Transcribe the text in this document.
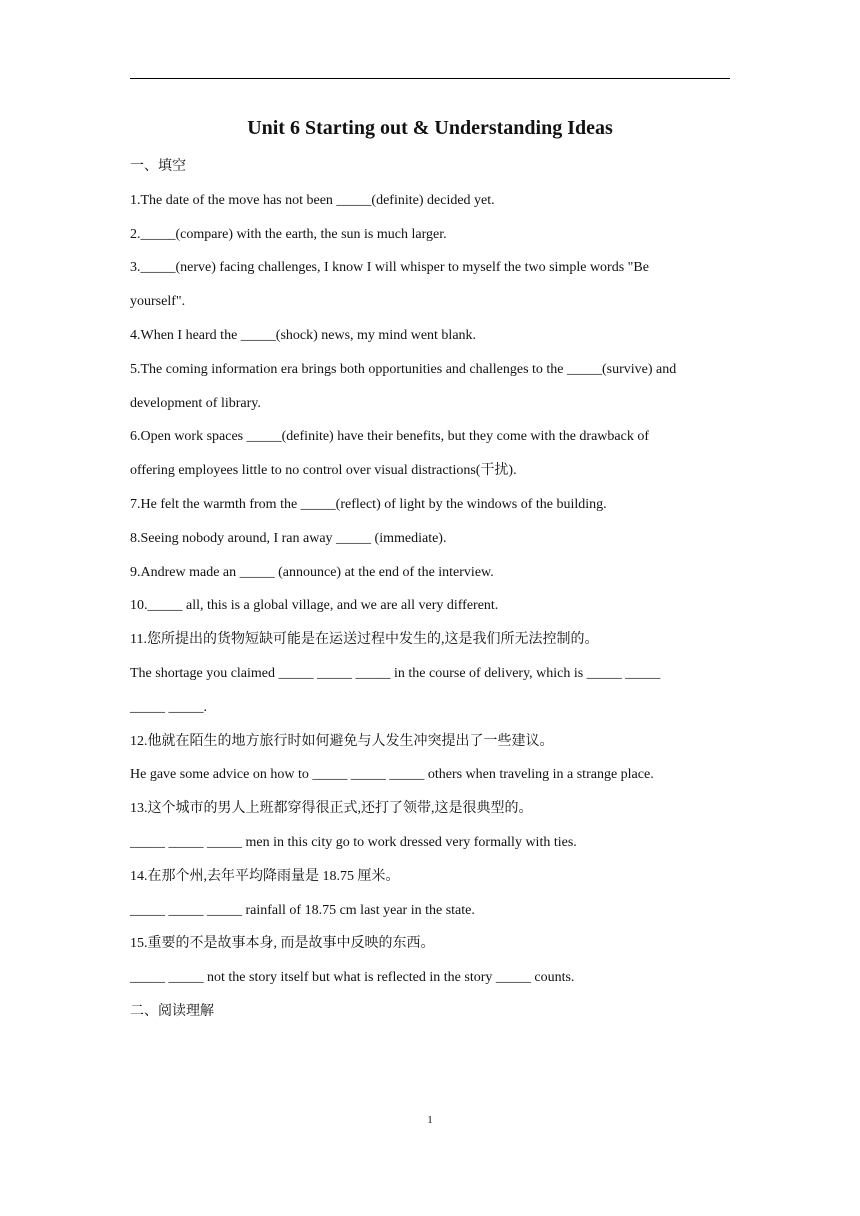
Unit 6 Starting out & Understanding Ideas
一、填空
1.The date of the move has not been _____(definite) decided yet.
2._____(compare) with the earth, the sun is much larger.
3._____(nerve) facing challenges, I know I will whisper to myself the two simple words "Be
yourself".
4.When I heard the _____(shock) news, my mind went blank.
5.The coming information era brings both opportunities and challenges to the _____(survive) and
development of library.
6.Open work spaces _____(definite) have their benefits, but they come with the drawback of
offering employees little to no control over visual distractions(干扰).
7.He felt the warmth from the _____(reflect) of light by the windows of the building.
8.Seeing nobody around, I ran away _____ (immediate).
9.Andrew made an _____ (announce) at the end of the interview.
10._____ all, this is a global village, and we are all very different.
11.您所提出的货物短缺可能是在运送过程中发生的,这是我们所无法控制的。
The shortage you claimed _____ _____ _____ in the course of delivery, which is _____ _____
_____ _____.
12.他就在陌生的地方旅行时如何避免与人发生冲突提出了一些建议。
He gave some advice on how to _____ _____ _____ others when traveling in a strange place.
13.这个城市的男人上班都穿得很正式,还打了领带,这是很典型的。
_____ _____ _____ men in this city go to work dressed very formally with ties.
14.在那个州,去年平均降雨量是 18.75 厘米。
_____ _____ _____ rainfall of 18.75 cm last year in the state.
15.重要的不是故事本身, 而是故事中反映的东西。
_____ _____ not the story itself but what is reflected in the story _____ counts.
二、阅读理解
1
